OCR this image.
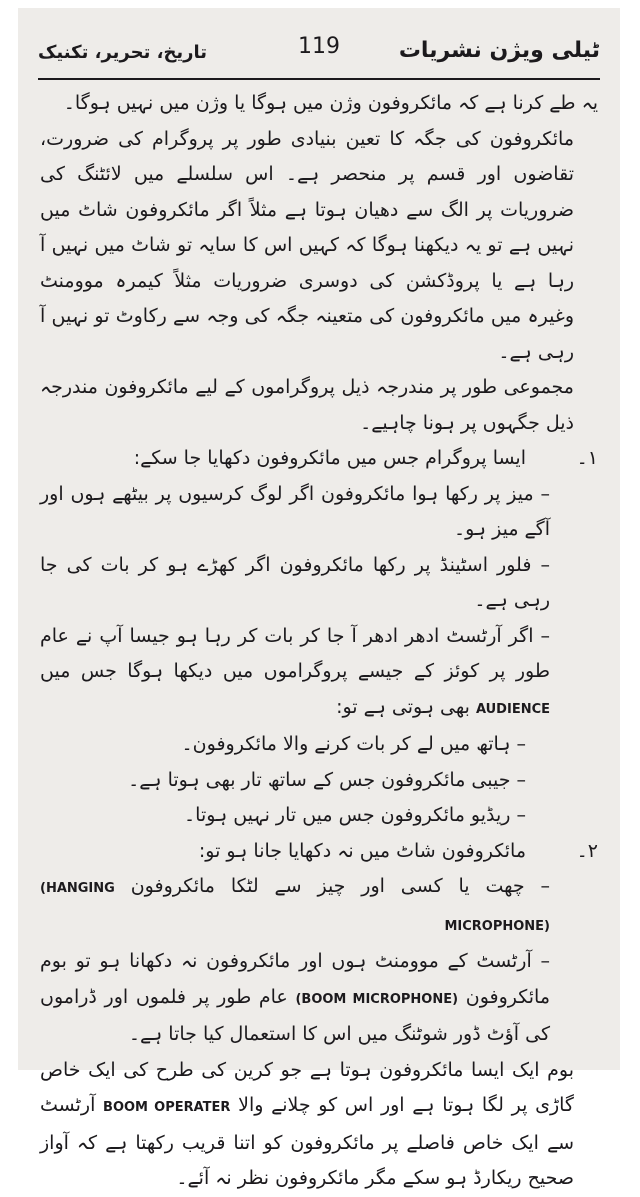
ٹیلی ویژن نشریات
119
تاریخ، تحریر، تکنیک

یہ طے کرنا ہے کہ مائکروفون وژن میں ہوگا یا وژن میں نہیں ہوگا۔

مائکروفون کی جگہ کا تعین بنیادی طور پر پروگرام کی ضرورت، تقاضوں اور قسم پر منحصر ہے۔ اس سلسلے میں لائٹنگ کی ضروریات پر الگ سے دھیان ہوتا ہے مثلاً اگر مائکروفون شاٹ میں نہیں ہے تو یہ دیکھنا ہوگا کہ کہیں اس کا سایہ تو شاٹ میں نہیں آ رہا ہے یا پروڈکشن کی دوسری ضروریات مثلاً کیمرہ موومنٹ وغیرہ میں مائکروفون کی متعینہ جگہ کی وجہ سے رکاوٹ تو نہیں آ رہی ہے۔

مجموعی طور پر مندرجہ ذیل پروگراموں کے لیے مائکروفون مندرجہ ذیل جگہوں پر ہونا چاہیے۔

۱۔
ایسا پروگرام جس میں مائکروفون دکھایا جا سکے:

– میز پر رکھا ہوا مائکروفون اگر لوگ کرسیوں پر بیٹھے ہوں اور آگے میز ہو۔

– فلور اسٹینڈ پر رکھا مائکروفون اگر کھڑے ہو کر بات کی جا رہی ہے۔

– اگر آرٹسٹ ادھر ادھر آ جا کر بات کر رہا ہو جیسا آپ نے عام طور پر کوئز کے جیسے پروگراموں میں دیکھا ہوگا جس میں AUDIENCE بھی ہوتی ہے تو:

– ہاتھ میں لے کر بات کرنے والا مائکروفون۔

– جیبی مائکروفون جس کے ساتھ تار بھی ہوتا ہے۔

– ریڈیو مائکروفون جس میں تار نہیں ہوتا۔

۲۔
مائکروفون شاٹ میں نہ دکھایا جانا ہو تو:

– چھت یا کسی اور چیز سے لٹکا مائکروفون (HANGING MICROPHONE)

– آرٹسٹ کے موومنٹ ہوں اور مائکروفون نہ دکھانا ہو تو بوم مائکروفون (BOOM MICROPHONE) عام طور پر فلموں اور ڈراموں کی آؤٹ ڈور شوٹنگ میں اس کا استعمال کیا جاتا ہے۔

بوم ایک ایسا مائکروفون ہوتا ہے جو کرین کی طرح کی ایک خاص گاڑی پر لگا ہوتا ہے اور اس کو چلانے والا BOOM OPERATER آرٹسٹ سے ایک خاص فاصلے پر مائکروفون کو اتنا قریب رکھتا ہے کہ آواز صحیح ریکارڈ ہو سکے مگر مائکروفون نظر نہ آئے۔
